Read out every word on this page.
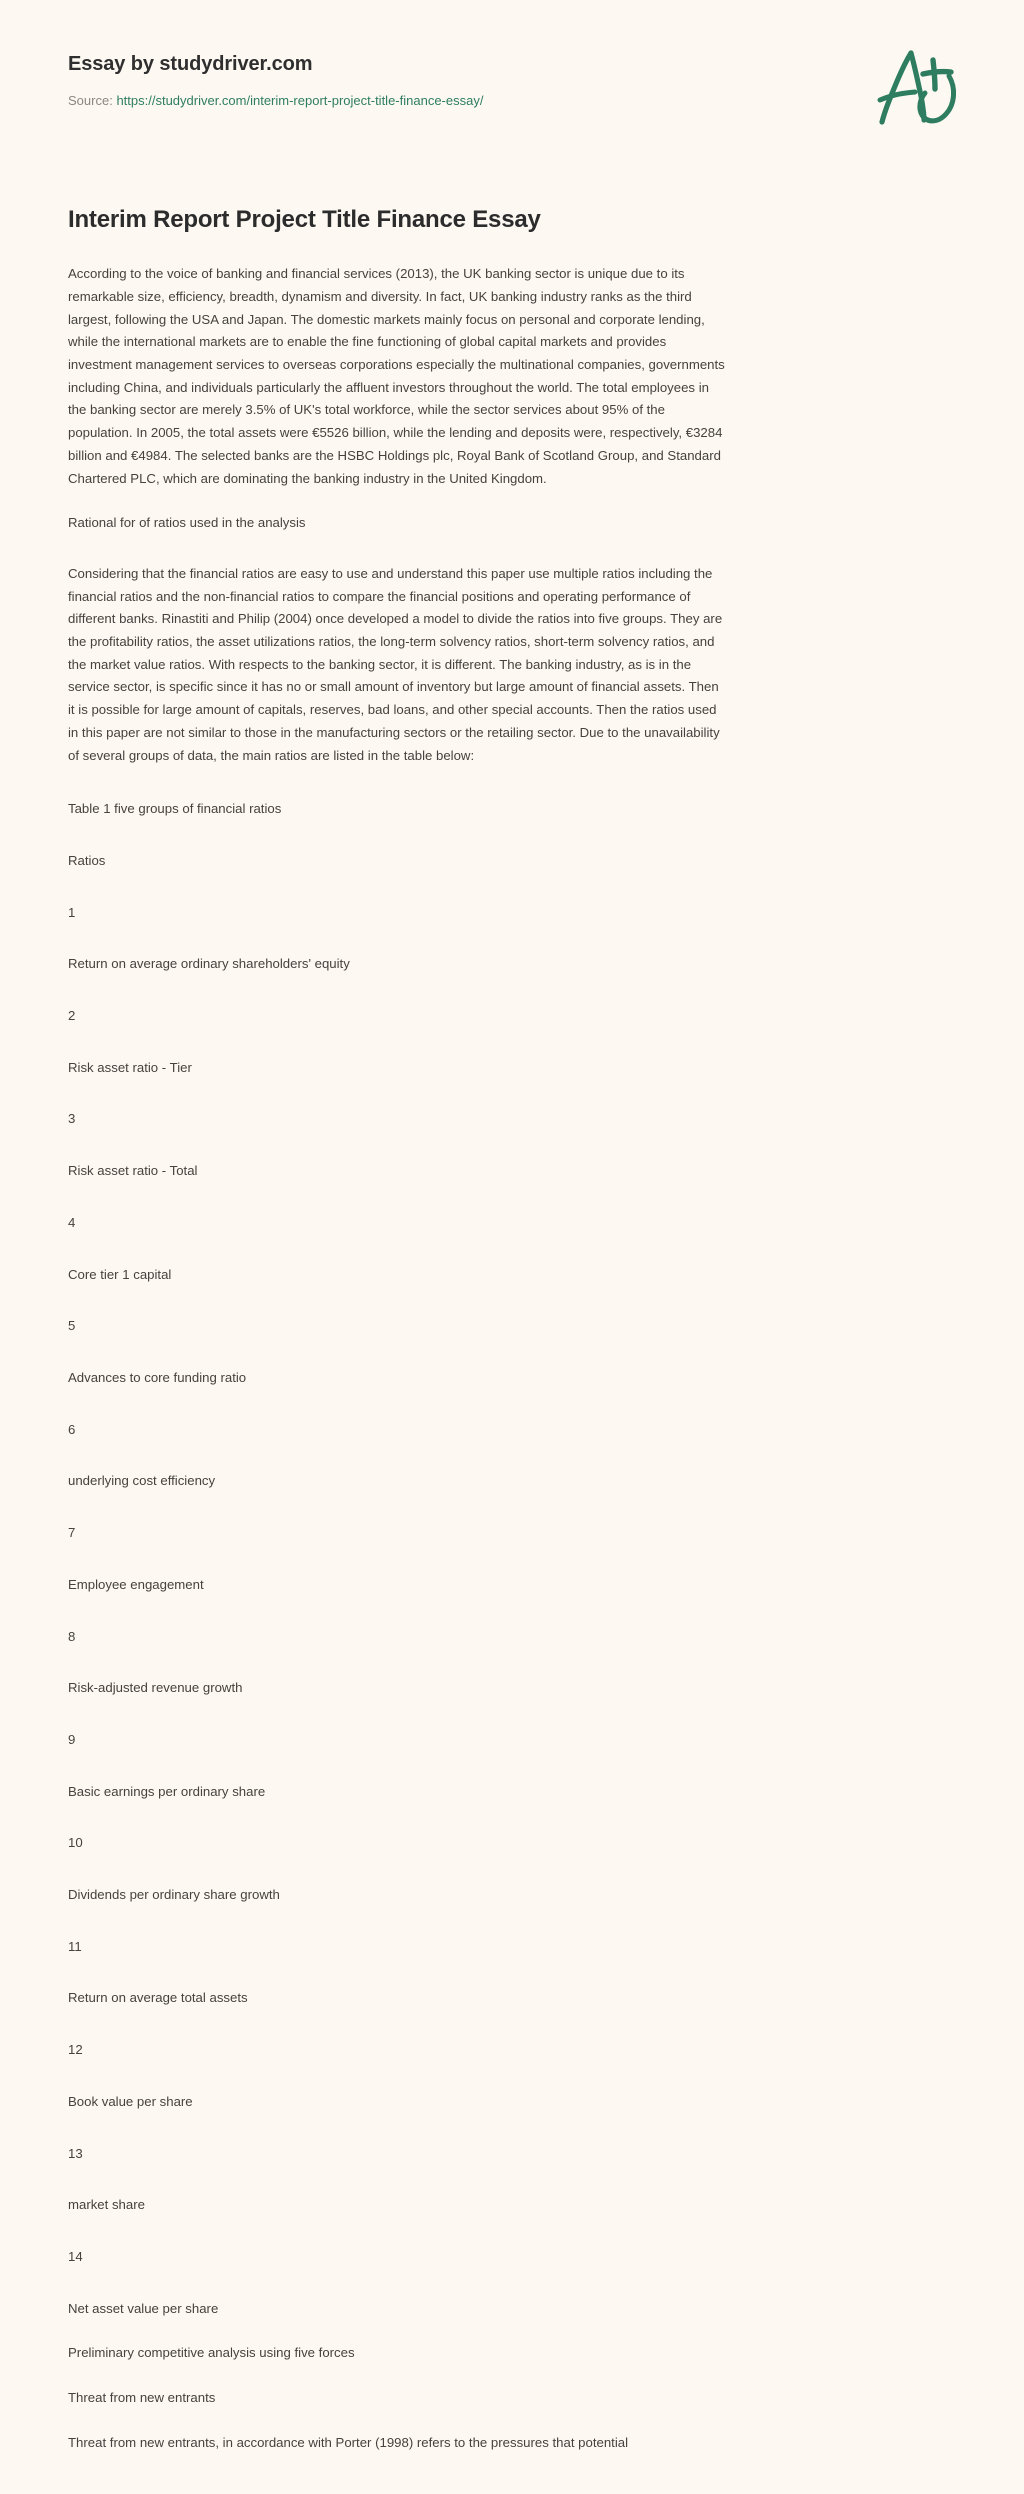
Essay by studydriver.com
Source: https://studydriver.com/interim-report-project-title-finance-essay/
Interim Report Project Title Finance Essay

According to the voice of banking and financial services (2013), the UK banking sector is unique due to its remarkable size, efficiency, breadth, dynamism and diversity. In fact, UK banking industry ranks as the third largest, following the USA and Japan. The domestic markets mainly focus on personal and corporate lending, while the international markets are to enable the fine functioning of global capital markets and provides investment management services to overseas corporations especially the multinational companies, governments including China, and individuals particularly the affluent investors throughout the world. The total employees in the banking sector are merely 3.5% of UK's total workforce, while the sector services about 95% of the population. In 2005, the total assets were €5526 billion, while the lending and deposits were, respectively, €3284 billion and €4984. The selected banks are the HSBC Holdings plc, Royal Bank of Scotland Group, and Standard Chartered PLC, which are dominating the banking industry in the United Kingdom.

Rational for of ratios used in the analysis

Considering that the financial ratios are easy to use and understand this paper use multiple ratios including the financial ratios and the non-financial ratios to compare the financial positions and operating performance of different banks. Rinastiti and Philip (2004) once developed a model to divide the ratios into five groups. They are the profitability ratios, the asset utilizations ratios, the long-term solvency ratios, short-term solvency ratios, and the market value ratios. With respects to the banking sector, it is different. The banking industry, as is in the service sector, is specific since it has no or small amount of inventory but large amount of financial assets. Then it is possible for large amount of capitals, reserves, bad loans, and other special accounts. Then the ratios used in this paper are not similar to those in the manufacturing sectors or the retailing sector. Due to the unavailability of several groups of data, the main ratios are listed in the table below:

Table 1 five groups of financial ratios

Ratios

1

Return on average ordinary shareholders' equity

2

Risk asset ratio - Tier

3

Risk asset ratio - Total

4

Core tier 1 capital

5

Advances to core funding ratio

6

underlying cost efficiency

7

Employee engagement

8

Risk-adjusted revenue growth

9

Basic earnings per ordinary share

10

Dividends per ordinary share growth

11

Return on average total assets

12

Book value per share

13

market share

14

Net asset value per share

Preliminary competitive analysis using five forces

Threat from new entrants

Threat from new entrants, in accordance with Porter (1998) refers to the pressures that potential
